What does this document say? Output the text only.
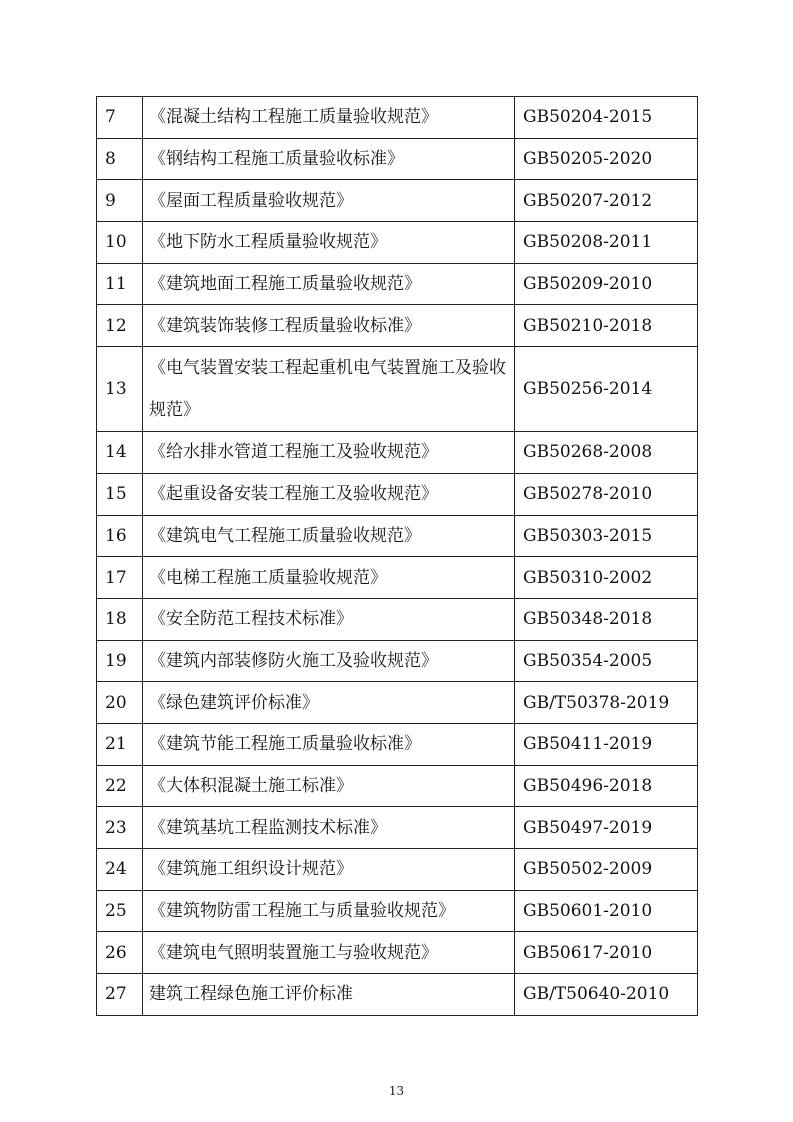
7	《混凝土结构工程施工质量验收规范》	GB50204-2015
8	《钢结构工程施工质量验收标准》	GB50205-2020
9	《屋面工程质量验收规范》	GB50207-2012
10	《地下防水工程质量验收规范》	GB50208-2011
11	《建筑地面工程施工质量验收规范》	GB50209-2010
12	《建筑装饰装修工程质量验收标准》	GB50210-2018
13	《电气装置安装工程起重机电气装置施工及验收规范》	GB50256-2014
14	《给水排水管道工程施工及验收规范》	GB50268-2008
15	《起重设备安装工程施工及验收规范》	GB50278-2010
16	《建筑电气工程施工质量验收规范》	GB50303-2015
17	《电梯工程施工质量验收规范》	GB50310-2002
18	《安全防范工程技术标准》	GB50348-2018
19	《建筑内部装修防火施工及验收规范》	GB50354-2005
20	《绿色建筑评价标准》	GB/T50378-2019
21	《建筑节能工程施工质量验收标准》	GB50411-2019
22	《大体积混凝土施工标准》	GB50496-2018
23	《建筑基坑工程监测技术标准》	GB50497-2019
24	《建筑施工组织设计规范》	GB50502-2009
25	《建筑物防雷工程施工与质量验收规范》	GB50601-2010
26	《建筑电气照明装置施工与验收规范》	GB50617-2010
27	建筑工程绿色施工评价标准	GB/T50640-2010
13
